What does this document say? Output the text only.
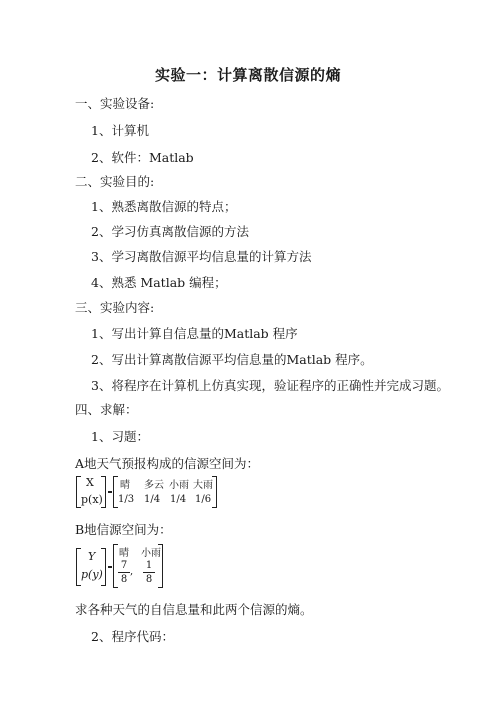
实验一：计算离散信源的熵
一、实验设备:
1、计算机
2、软件：Matlab
二、实验目的:
1、熟悉离散信源的特点；
2、学习仿真离散信源的方法
3、学习离散信源平均信息量的计算方法
4、熟悉 Matlab 编程；
三、实验内容:
1、写出计算自信息量的Matlab 程序
2、写出计算离散信源平均信息量的Matlab 程序。
3、将程序在计算机上仿真实现，验证程序的正确性并完成习题。
四、求解：
1、习题：
A地天气预报构成的信源空间为：
X
p(x)
晴 多云 小雨 大雨
1/3 1/4 1/4 1/6
B地信源空间为：
Y
p(y)
晴 小雨
7
8
,
1
8
求各种天气的自信息量和此两个信源的熵。
2、程序代码：
